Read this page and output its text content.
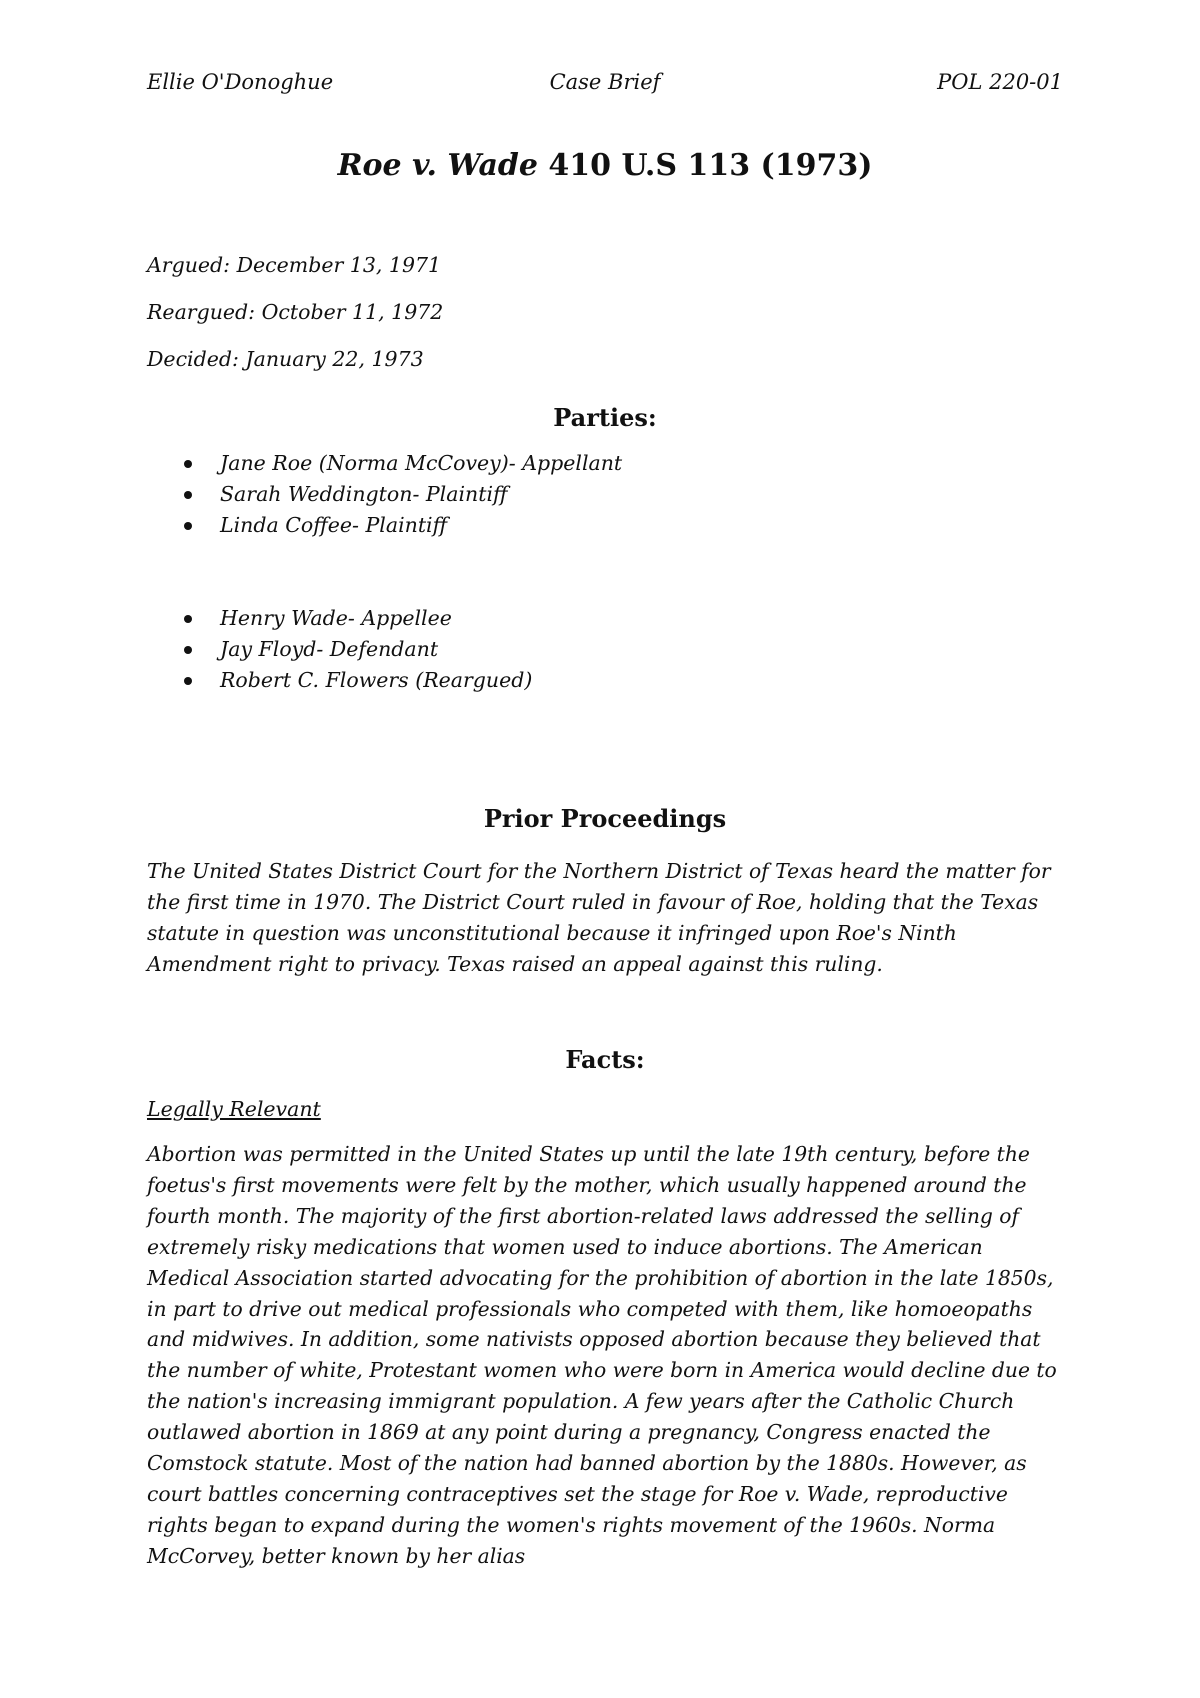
Ellie O'Donoghue	Case Brief	POL 220-01
Roe v. Wade 410 U.S 113 (1973)
Argued: December 13, 1971
Reargued: October 11, 1972
Decided: January 22, 1973
Parties:
Jane Roe (Norma McCovey)- Appellant
Sarah Weddington- Plaintiff
Linda Coffee- Plaintiff
Henry Wade- Appellee
Jay Floyd- Defendant
Robert C. Flowers (Reargued)
Prior Proceedings

The United States District Court for the Northern District of Texas heard the matter for the first time in 1970. The District Court ruled in favour of Roe, holding that the Texas statute in question was unconstitutional because it infringed upon Roe's Ninth Amendment right to privacy. Texas raised an appeal against this ruling.

Facts:

Legally Relevant

Abortion was permitted in the United States up until the late 19th century, before the foetus's first movements were felt by the mother, which usually happened around the fourth month. The majority of the first abortion-related laws addressed the selling of extremely risky medications that women used to induce abortions. The American Medical Association started advocating for the prohibition of abortion in the late 1850s, in part to drive out medical professionals who competed with them, like homoeopaths and midwives. In addition, some nativists opposed abortion because they believed that the number of white, Protestant women who were born in America would decline due to the nation's increasing immigrant population. A few years after the Catholic Church outlawed abortion in 1869 at any point during a pregnancy, Congress enacted the Comstock statute. Most of the nation had banned abortion by the 1880s. However, as court battles concerning contraceptives set the stage for Roe v. Wade, reproductive rights began to expand during the women's rights movement of the 1960s. Norma McCorvey, better known by her alias
